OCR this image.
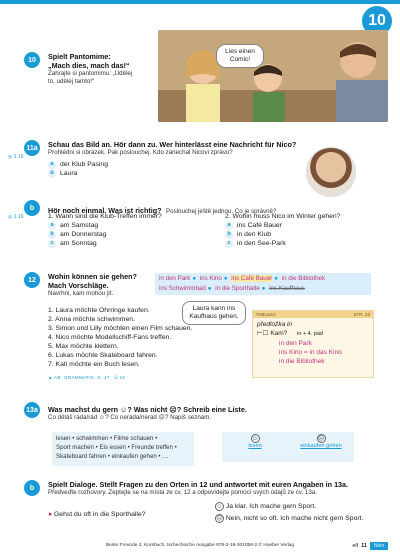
10
10	Spielt Pantomime:
„Mach dies, mach das!“
Zahrajte si pantomimu: „Udělej
to, udělej tamto!“
Lies einen
Comic!
11a
◎ 1 16
Schau das Bild an. Hör dann zu. Wer hinterlässt eine Nachricht für Nico?
Prohlédni si obrázek. Pak poslouchej. Kdo zanechal Nicovi zprávu?
a der Klub Pasing
b Laura
b
◎ 1 16
Hör noch einmal. Was ist richtig? Poslouchej ještě jednou. Co je správně?
1. Wann sind die Klub-Treffen immer?
a am Samstag
b am Donnerstag
c am Sonntag
2. Wohin muss Nico im Winter gehen?
a ins Café Bauer
b in den Klub
c in den See-Park
12	Wohin können sie gehen?
Mach Vorschläge.
Navrhni, kam mohou jít.
in den Park ● ins Kino ● ins Café Bauer ● in die Bibliothek
ins Schwimmbad ● in die Sporthalle ● ins Kaufhaus
Laura kann ins
Kaufhaus gehen.
1. Laura möchte Ohrringe kaufen.
2. Anna möchte schwimmen.
3. Simon und Lilly möchten einen Film schauen.
4. Nico möchte Modellschiff-Fans treffen.
5. Max möchte klettern.
6. Lukas möchte Skateboard fahren.
7. Kati möchte ein Buch lesen.
▲ AB: GRAMMATIK, S. 17 Ü 16
TABULKA	STR. 22
předložka in
⊢☐ Kam? in + 4. pád
in den Park
ins Kino = in das Kino
in die Bibliothek
13a Was machst du gern ☺? Was nicht ☹? Schreib eine Liste.
Co děláš ráda/rád ☺? Co nerada/nerad ☹? Napiš seznam.
lesen • schwimmen • Filme schauen •
Sport machen • Eis essen • Freunde treffen •
Skateboard fahren • einkaufen gehen • …
☺
lesen
☹
einkaufen gehen
b	Spielt Dialoge. Stellt Fragen zu den Orten in 12 und antwortet mit euren Angaben in 13a.
Předveďte rozhovory. Zeptejte se na místa ze cv. 12 a odpovídejte pomocí svých údajů ze cv. 13a.
● Gehst du oft in die Sporthalle?
☺ Ja klar. Ich mache gern Sport.
☹ Nein, nicht so oft. Ich mache nicht gern Sport.
Beste Freunde 2, Kursbuch, tschechische Ausgabe 978-3-19-301058-2 © Hueber Verlag	elf 11	Nico
